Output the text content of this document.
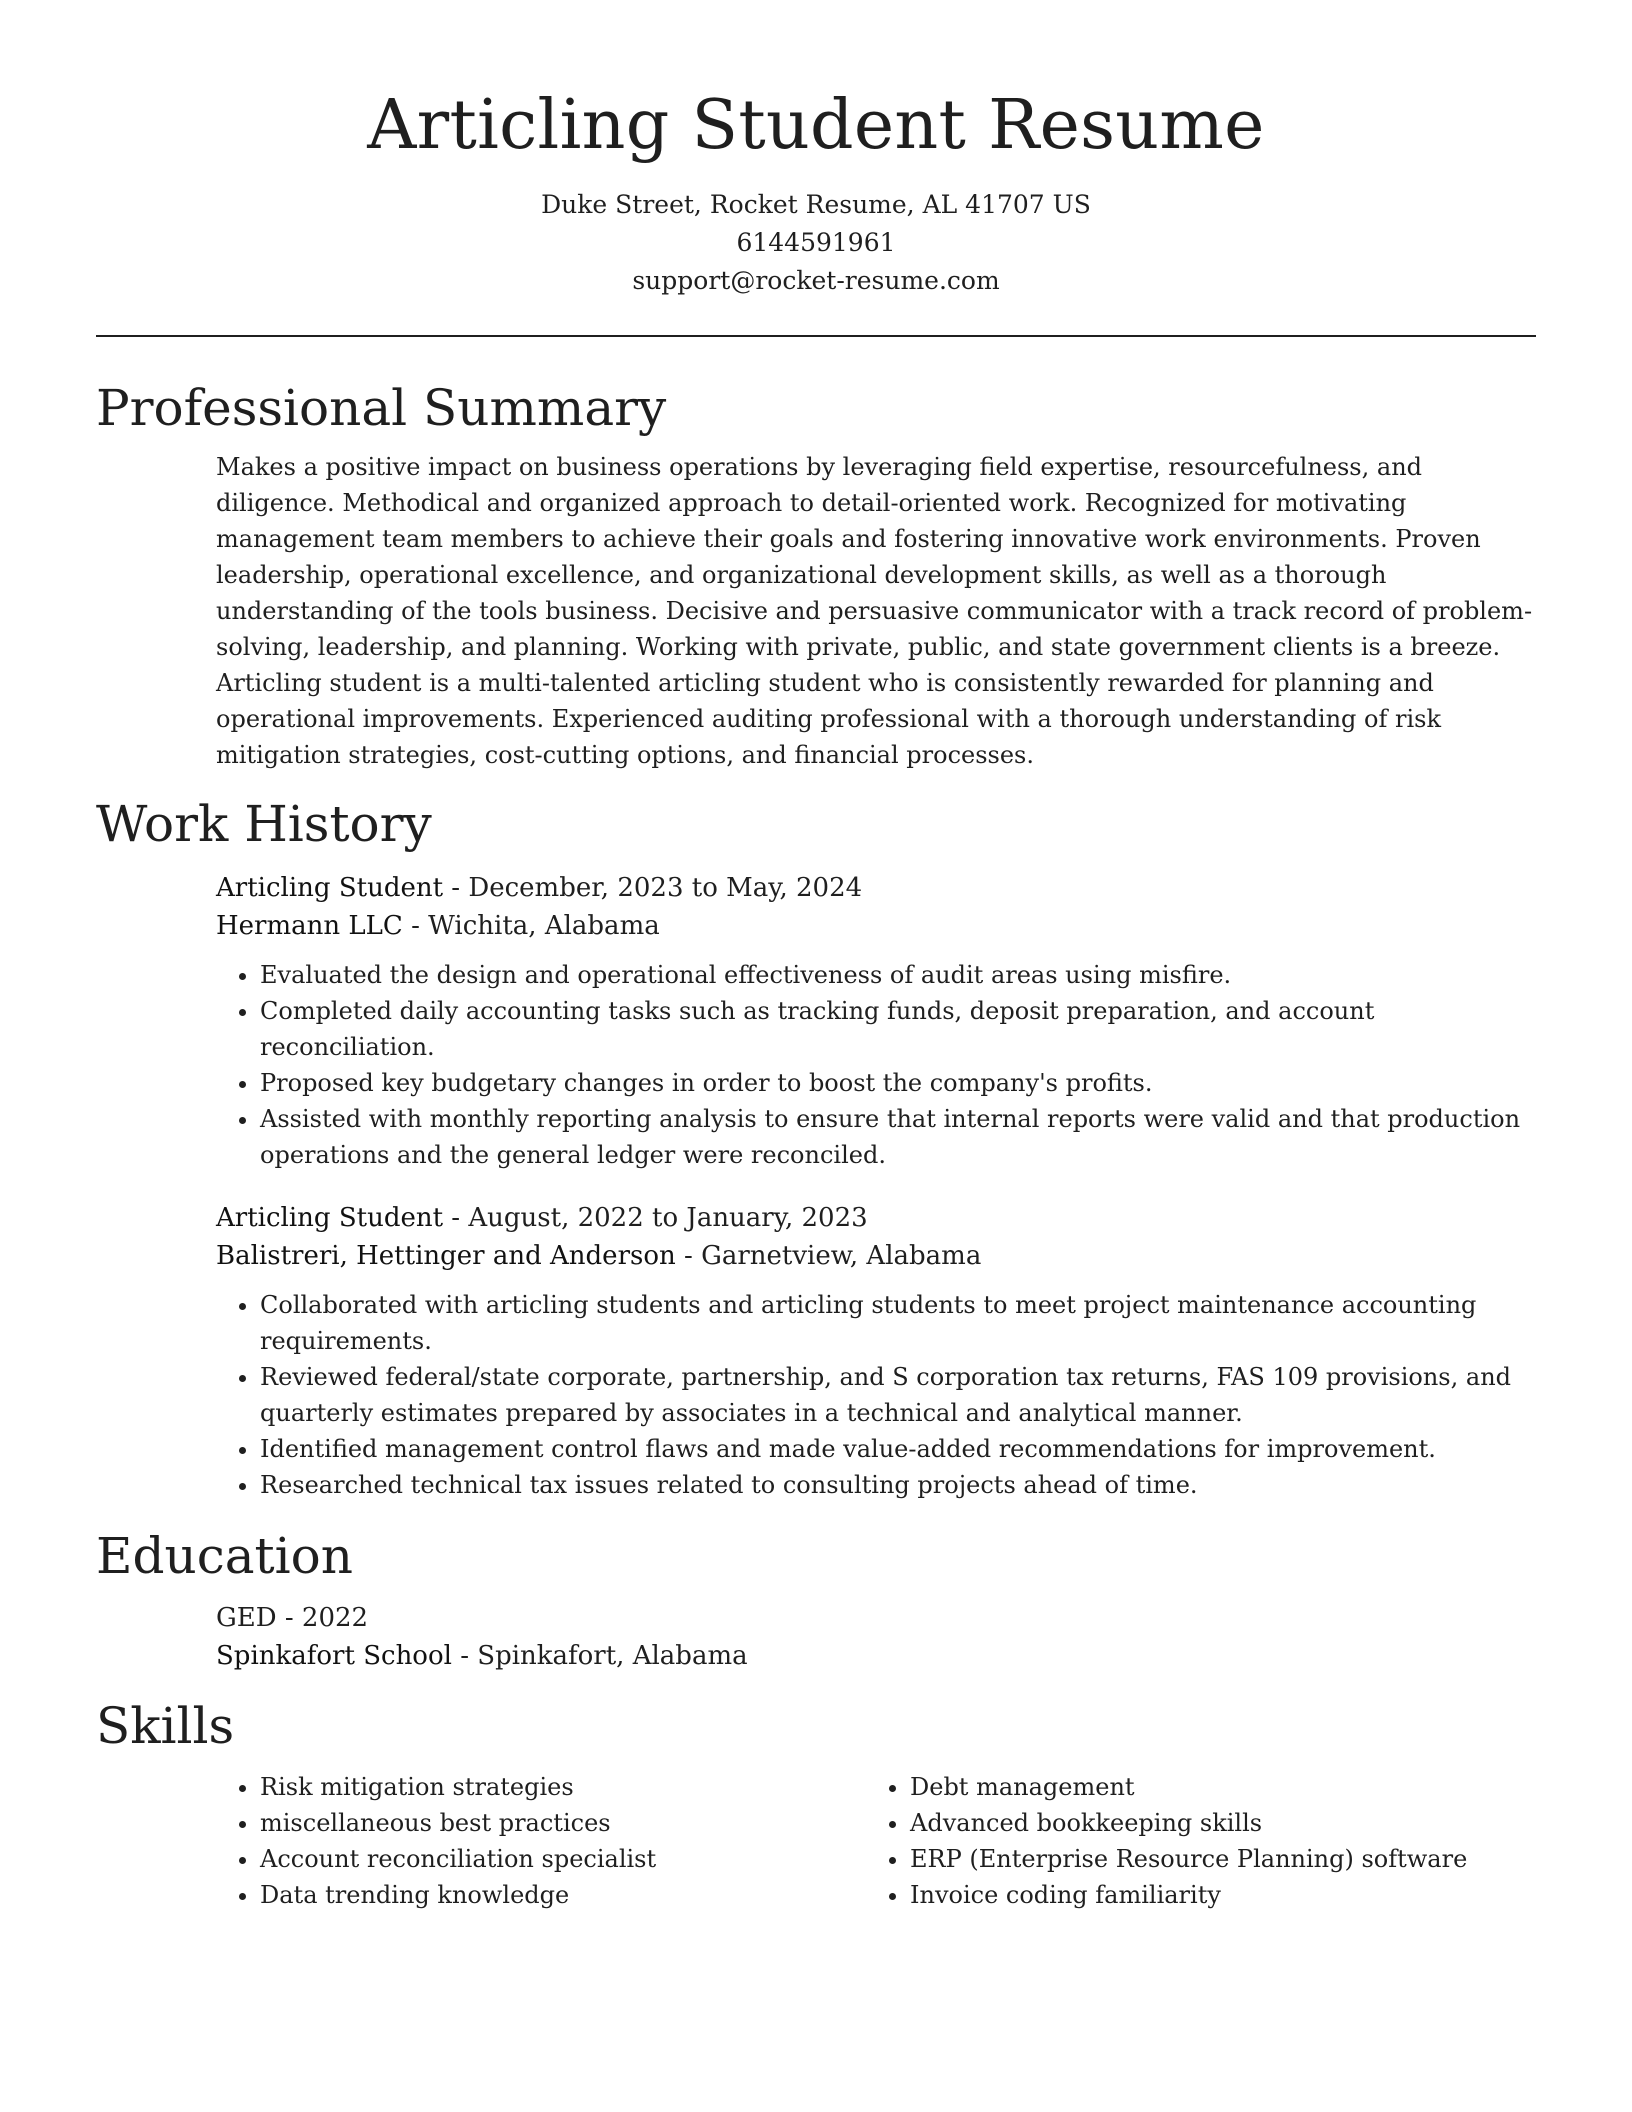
Articling Student Resume
Duke Street, Rocket Resume, AL 41707 US
6144591961
support@rocket-resume.com
Professional Summary
Makes a positive impact on business operations by leveraging field expertise, resourcefulness, and diligence. Methodical and organized approach to detail-oriented work. Recognized for motivating management team members to achieve their goals and fostering innovative work environments. Proven leadership, operational excellence, and organizational development skills, as well as a thorough understanding of the tools business. Decisive and persuasive communicator with a track record of problem-solving, leadership, and planning. Working with private, public, and state government clients is a breeze. Articling student is a multi-talented articling student who is consistently rewarded for planning and operational improvements. Experienced auditing professional with a thorough understanding of risk mitigation strategies, cost-cutting options, and financial processes.
Work History
Articling Student - December, 2023 to May, 2024
Hermann LLC - Wichita, Alabama
• Evaluated the design and operational effectiveness of audit areas using misfire.
• Completed daily accounting tasks such as tracking funds, deposit preparation, and account reconciliation.
• Proposed key budgetary changes in order to boost the company's profits.
• Assisted with monthly reporting analysis to ensure that internal reports were valid and that production operations and the general ledger were reconciled.
Articling Student - August, 2022 to January, 2023
Balistreri, Hettinger and Anderson - Garnetview, Alabama
• Collaborated with articling students and articling students to meet project maintenance accounting requirements.
• Reviewed federal/state corporate, partnership, and S corporation tax returns, FAS 109 provisions, and quarterly estimates prepared by associates in a technical and analytical manner.
• Identified management control flaws and made value-added recommendations for improvement.
• Researched technical tax issues related to consulting projects ahead of time.
Education
GED - 2022
Spinkafort School - Spinkafort, Alabama
Skills
• Risk mitigation strategies
• miscellaneous best practices
• Account reconciliation specialist
• Data trending knowledge
• Debt management
• Advanced bookkeeping skills
• ERP (Enterprise Resource Planning) software
• Invoice coding familiarity
